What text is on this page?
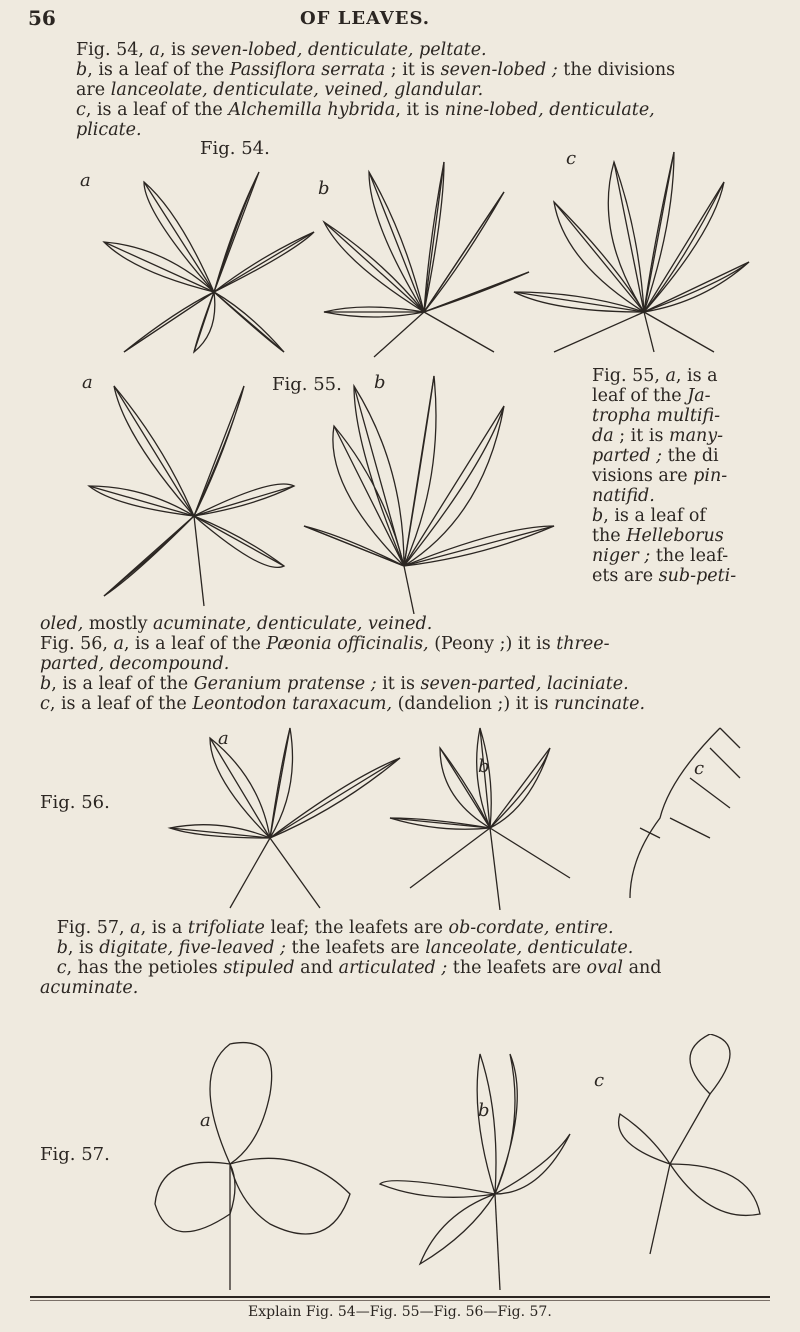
56	OF LEAVES.

Fig. 54, a, is seven-lobed, denticulate, peltate.
b, is a leaf of the Passiflora serrata ; it is seven-lobed ; the divisions
are lanceolate, denticulate, veined, glandular.
c, is a leaf of the Alchemilla hybrida, it is nine-lobed, denticulate,
plicate.

Fig. 54.
a	b
c
Fig. 55.
a	b	Fig. 55, a, is a
leaf of the Ja-
tropha multifi-
da ; it is many-
parted ; the di
visions are pin-
natifid.
b, is a leaf of
the Helleborus
niger ; the leaf-
ets are sub-peti-

oled, mostly acuminate, denticulate, veined.
Fig. 56, a, is a leaf of the Pæonia officinalis, (Peony ;) it is three-
parted, decompound.
b, is a leaf of the Geranium pratense ; it is seven-parted, laciniate.
c, is a leaf of the Leontodon taraxacum, (dandelion ;) it is runcinate.

Fig. 56.
a
b	c

Fig. 57, a, is a trifoliate leaf; the leafets are ob-cordate, entire.
b, is digitate, five-leaved ; the leafets are lanceolate, denticulate.
c, has the petioles stipuled and articulated ; the leafets are oval and
acuminate.

Fig. 57.
a	b
c
Explain Fig. 54—Fig. 55—Fig. 56—Fig. 57.
